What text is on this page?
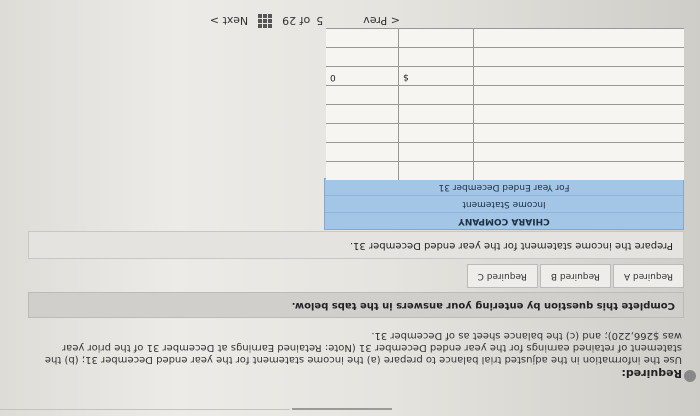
Required:
Use the information in the adjusted trial balance to prepare (a) the income statement for the year ended December 31; (b) the statement of retained earnings for the year ended December 31 (Note: Retained Earnings at December 31 of the prior year was $266,220); and (c) the balance sheet as of December 31.
Complete this question by entering your answers in the tabs below.
Required A
Required B
Required C
Prepare the income statement for the year ended December 31.
CHIARA COMPANY
Income Statement
For Year Ended December 31
$
0
< Prev
5
of 29
Next >
